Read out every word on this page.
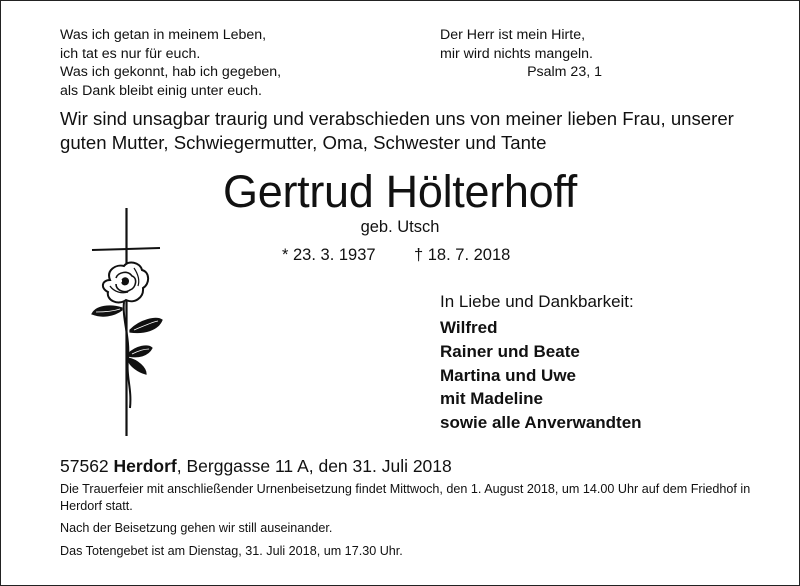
Was ich getan in meinem Leben,
ich tat es nur für euch.
Was ich gekonnt, hab ich gegeben,
als Dank bleibt einig unter euch.
Der Herr ist mein Hirte,
mir wird nichts mangeln.
Psalm 23, 1
Wir sind unsagbar traurig und verabschieden uns von meiner lieben Frau, unserer guten Mutter, Schwiegermutter, Oma, Schwester und Tante
Gertrud Hölterhoff
geb. Utsch
* 23. 3. 1937 † 18. 7. 2018
In Liebe und Dankbarkeit:
Wilfred
Rainer und Beate
Martina und Uwe
mit Madeline
sowie alle Anverwandten
57562 Herdorf, Berggasse 11 A, den 31. Juli 2018

Die Trauerfeier mit anschließender Urnenbeisetzung findet Mittwoch, den 1. August 2018, um 14.00 Uhr auf dem Friedhof in Herdorf statt.

Nach der Beisetzung gehen wir still auseinander.

Das Totengebet ist am Dienstag, 31. Juli 2018, um 17.30 Uhr.
